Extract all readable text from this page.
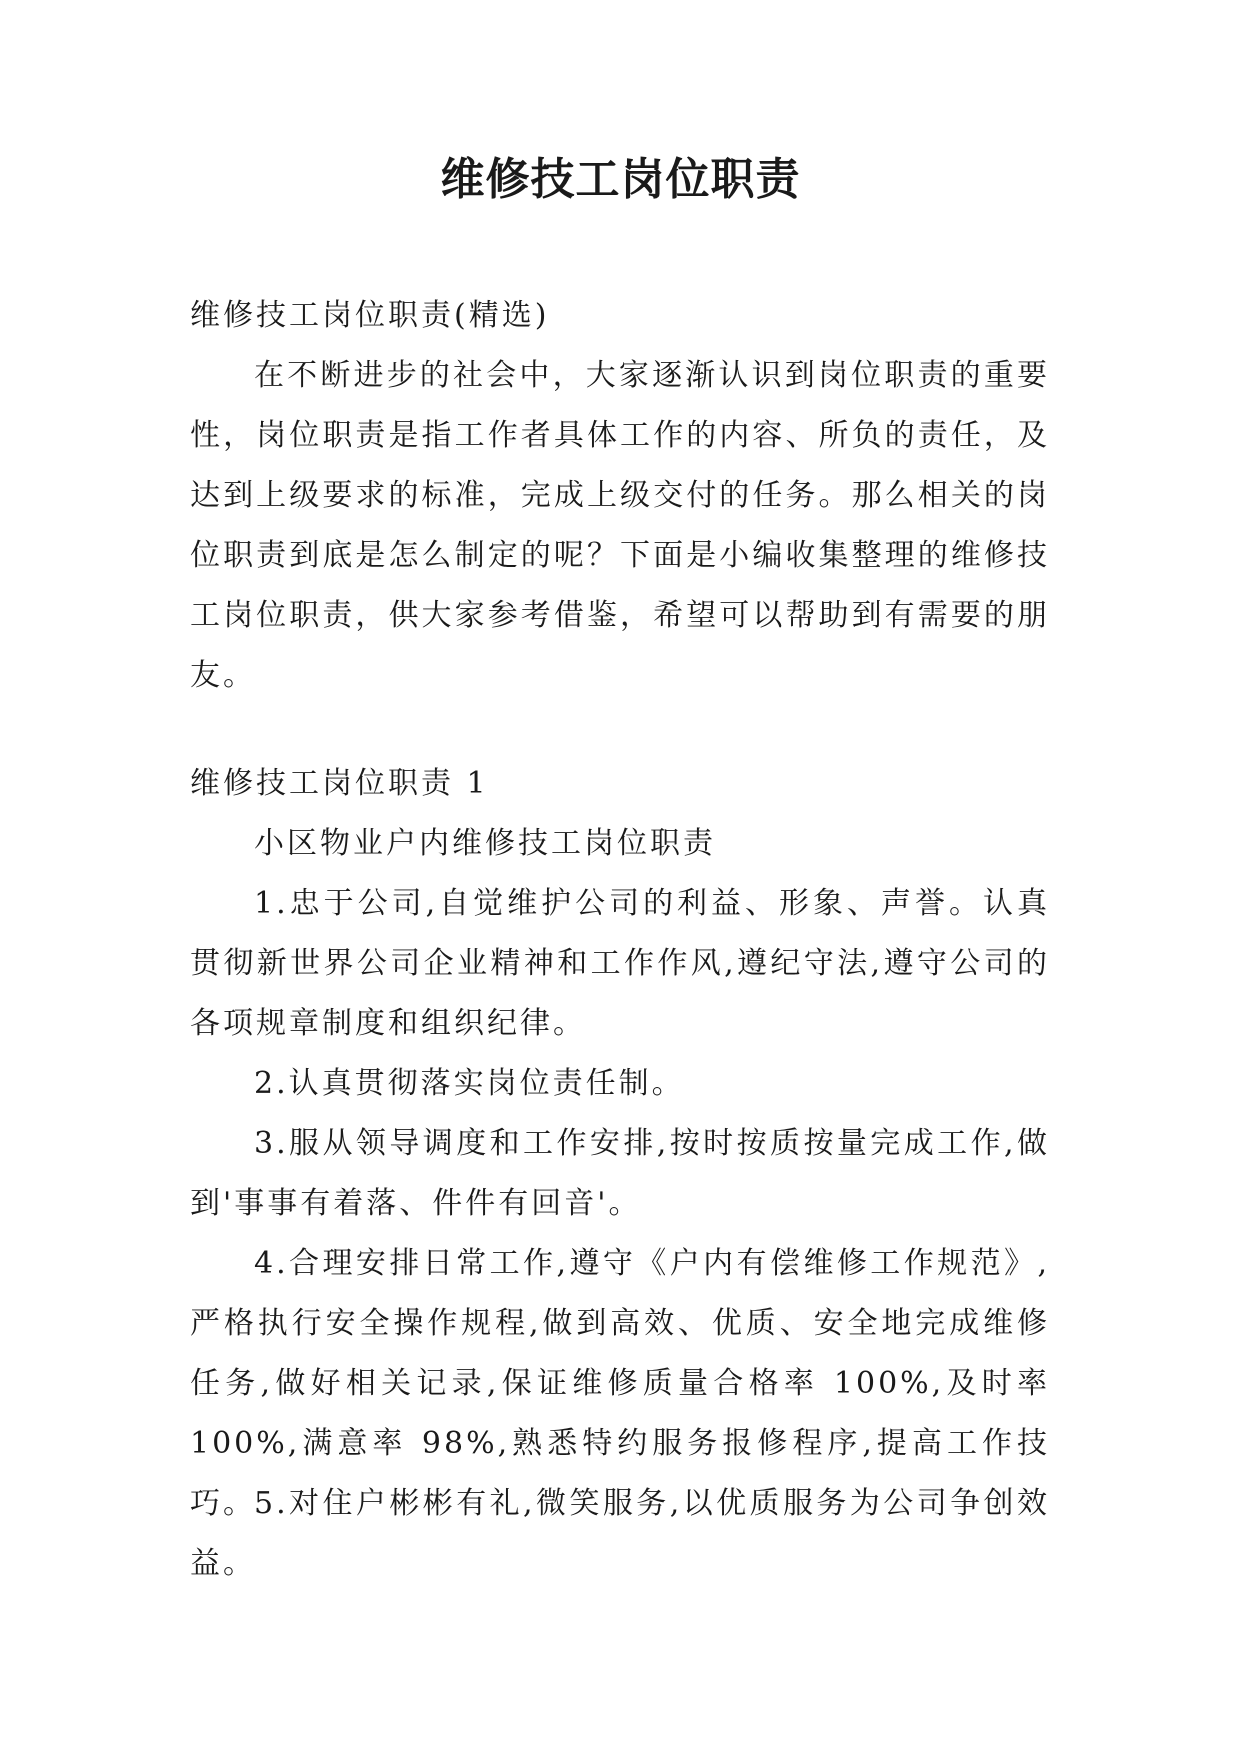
维修技工岗位职责

维修技工岗位职责(精选)

在不断进步的社会中，大家逐渐认识到岗位职责的重要性，岗位职责是指工作者具体工作的内容、所负的责任，及达到上级要求的标准，完成上级交付的任务。那么相关的岗位职责到底是怎么制定的呢？下面是小编收集整理的维修技工岗位职责，供大家参考借鉴，希望可以帮助到有需要的朋友。

维修技工岗位职责 1

小区物业户内维修技工岗位职责

1.忠于公司,自觉维护公司的利益、形象、声誉。认真贯彻新世界公司企业精神和工作作风,遵纪守法,遵守公司的各项规章制度和组织纪律。

2.认真贯彻落实岗位责任制。

3.服从领导调度和工作安排,按时按质按量完成工作,做到'事事有着落、件件有回音'。

4.合理安排日常工作,遵守《户内有偿维修工作规范》,严格执行安全操作规程,做到高效、优质、安全地完成维修任务,做好相关记录,保证维修质量合格率 100%,及时率 100%,满意率 98%,熟悉特约服务报修程序,提高工作技巧。

5.对住户彬彬有礼,微笑服务,以优质服务为公司争创效益。
